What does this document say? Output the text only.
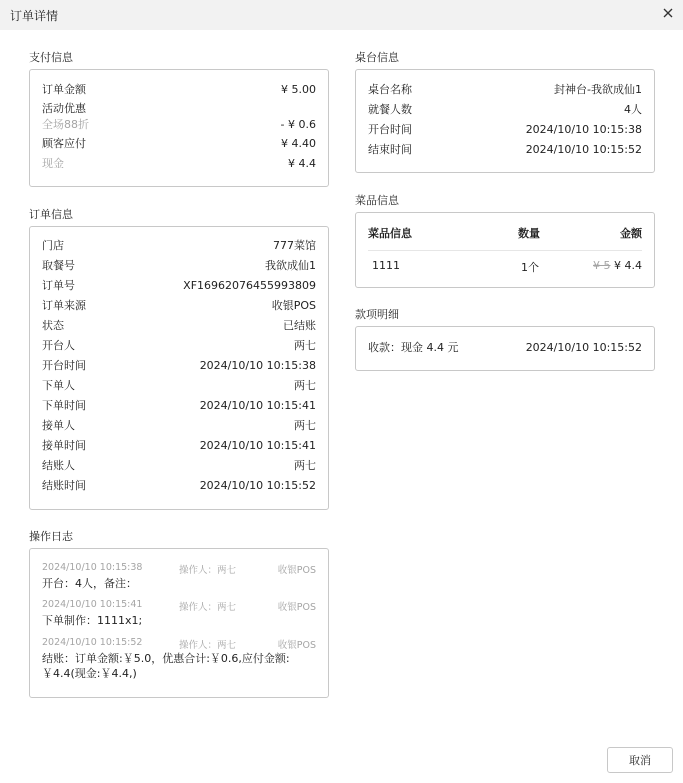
订单详情
支付信息
订单金额	¥ 5.00
活动优惠
全场88折	- ¥ 0.6
顾客应付	¥ 4.40
现金	¥ 4.4
订单信息
门店	777菜馆
取餐号	我欲成仙1
订单号	XF16962076455993809
订单来源	收银POS
状态	已结账
开台人	两七
开台时间	2024/10/10 10:15:38
下单人	两七
下单时间	2024/10/10 10:15:41
接单人	两七
接单时间	2024/10/10 10:15:41
结账人	两七
结账时间	2024/10/10 10:15:52
操作日志
2024/10/10 10:15:38	操作人：两七	收银POS
开台：4人，备注：
2024/10/10 10:15:41	操作人：两七	收银POS
下单制作：1111x1;
2024/10/10 10:15:52	操作人：两七	收银POS
结账：订单金额:￥5.0，优惠合计:￥0.6,应付金额:￥4.4(现金:￥4.4,)
桌台信息
桌台名称	封神台-我欲成仙1
就餐人数	4人
开台时间	2024/10/10 10:15:38
结束时间	2024/10/10 10:15:52
菜品信息
菜品信息	数量	金额
1111	1个	¥ 5 ¥ 4.4
款项明细
收款：现金 4.4 元	2024/10/10 10:15:52
取消
